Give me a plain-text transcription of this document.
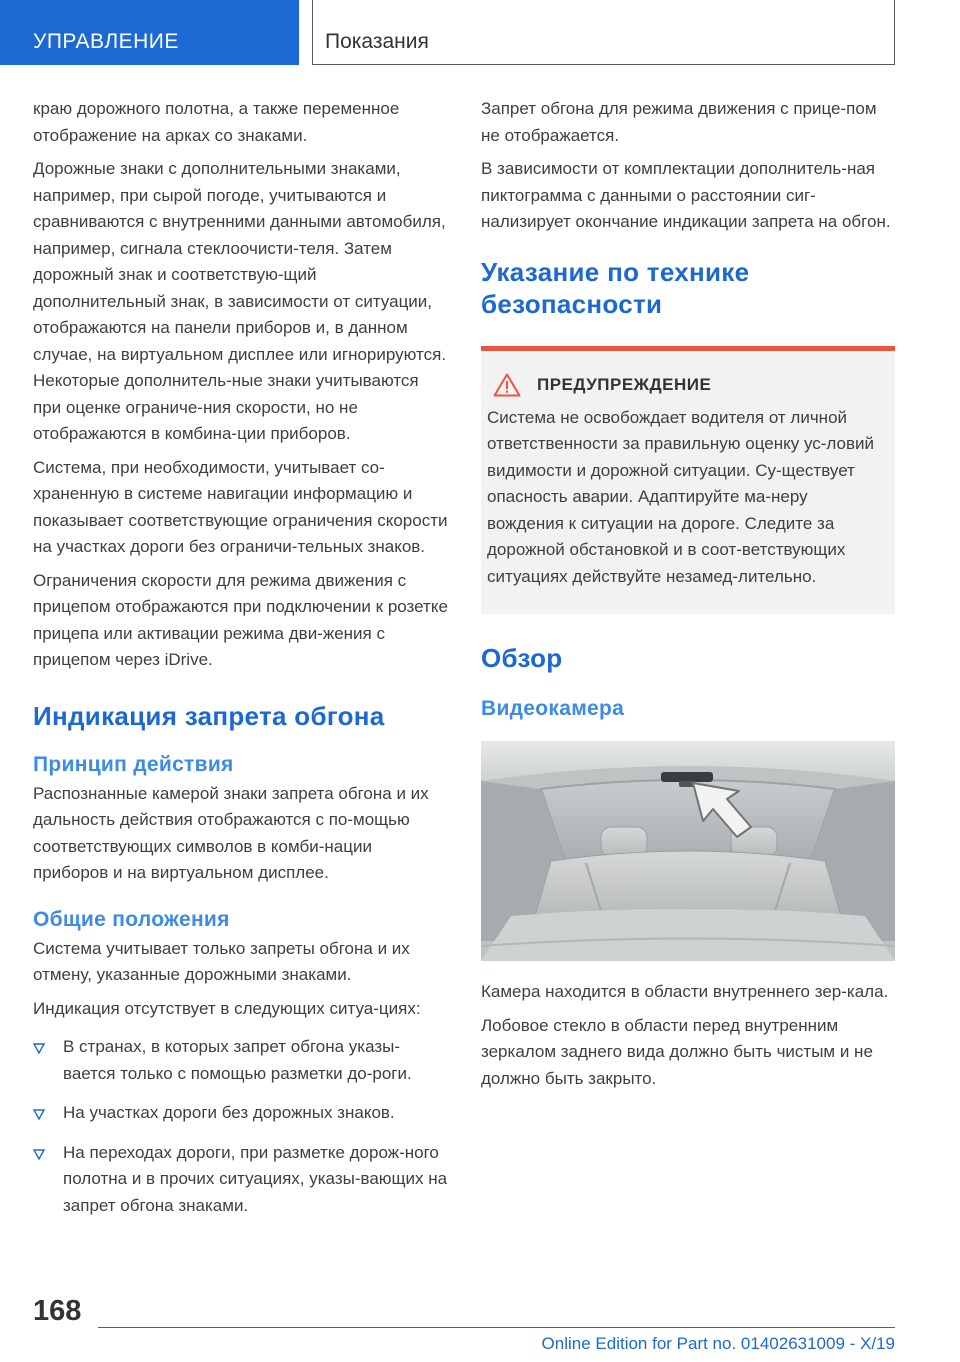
УПРАВЛЕНИЕ	Показания

краю дорожного полотна, а также переменное отображение на арках со знаками.

Дорожные знаки с дополнительными знаками, например, при сырой погоде, учитываются и сравниваются с внутренними данными автомобиля, например, сигнала стеклоочисти-теля. Затем дорожный знак и соответствую-щий дополнительный знак, в зависимости от ситуации, отображаются на панели приборов и, в данном случае, на виртуальном дисплее или игнорируются. Некоторые дополнитель-ные знаки учитываются при оценке ограниче-ния скорости, но не отображаются в комбина-ции приборов.

Система, при необходимости, учитывает со-храненную в системе навигации информацию и показывает соответствующие ограничения скорости на участках дороги без ограничи-тельных знаков.

Ограничения скорости для режима движения с прицепом отображаются при подключении к розетке прицепа или активации режима дви-жения с прицепом через iDrive.

Индикация запрета обгона
Принцип действия

Распознанные камерой знаки запрета обгона и их дальность действия отображаются с по-мощью соответствующих символов в комби-нации приборов и на виртуальном дисплее.

Общие положения

Система учитывает только запреты обгона и их отмену, указанные дорожными знаками.

Индикация отсутствует в следующих ситуа-циях:

В странах, в которых запрет обгона указы-вается только с помощью разметки до-роги.
На участках дороги без дорожных знаков.
На переходах дороги, при разметке дорож-ного полотна и в прочих ситуациях, указы-вающих на запрет обгона знаками.

Запрет обгона для режима движения с прице-пом не отображается.

В зависимости от комплектации дополнитель-ная пиктограмма с данными о расстоянии сиг-нализирует окончание индикации запрета на обгон.

Указание по технике безопасности
ПРЕДУПРЕЖДЕНИЕ

Система не освобождает водителя от личной ответственности за правильную оценку ус-ловий видимости и дорожной ситуации. Су-ществует опасность аварии. Адаптируйте ма-неру вождения к ситуации на дороге. Следите за дорожной обстановкой и в соот-ветствующих ситуациях действуйте незамед-лительно.

Обзор
Видеокамера

Камера находится в области внутреннего зер-кала.

Лобовое стекло в области перед внутренним зеркалом заднего вида должно быть чистым и не должно быть закрыто.

168
Online Edition for Part no. 01402631009 - X/19
